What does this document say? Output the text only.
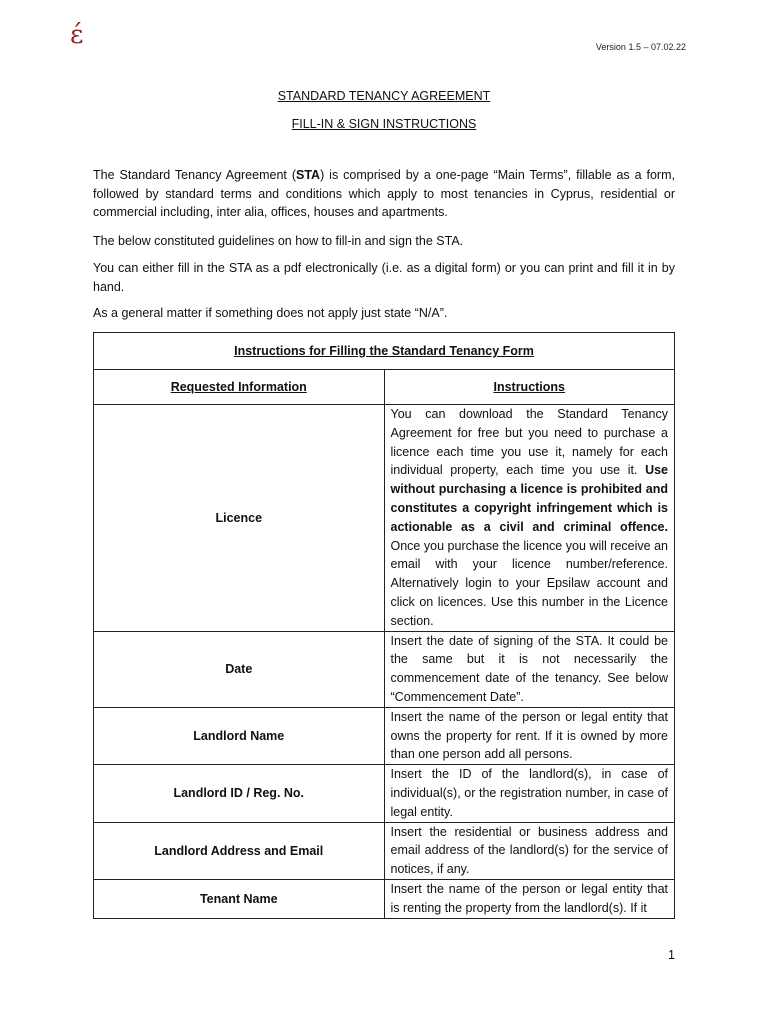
έ	Version 1.5 – 07.02.22
STANDARD TENANCY AGREEMENT
FILL-IN & SIGN INSTRUCTIONS
The Standard Tenancy Agreement (STA) is comprised by a one-page “Main Terms”, fillable as a form, followed by standard terms and conditions which apply to most tenancies in Cyprus, residential or commercial including, inter alia, offices, houses and apartments.
The below constituted guidelines on how to fill-in and sign the STA.
You can either fill in the STA as a pdf electronically (i.e. as a digital form) or you can print and fill it in by hand.
As a general matter if something does not apply just state “N/A”.
Instructions for Filling the Standard Tenancy Form	
Requested Information	Instructions
Licence	You can download the Standard Tenancy Agreement for free but you need to purchase a licence each time you use it, namely for each individual property, each time you use it. Use without purchasing a licence is prohibited and constitutes a copyright infringement which is actionable as a civil and criminal offence. Once you purchase the licence you will receive an email with your licence number/reference. Alternatively login to your Epsilaw account and click on licences. Use this number in the Licence section.
Date	Insert the date of signing of the STA. It could be the same but it is not necessarily the commencement date of the tenancy. See below “Commencement Date”.
Landlord Name	Insert the name of the person or legal entity that owns the property for rent. If it is owned by more than one person add all persons.
Landlord ID / Reg. No.	Insert the ID of the landlord(s), in case of individual(s), or the registration number, in case of legal entity.
Landlord Address and Email	Insert the residential or business address and email address of the landlord(s) for the service of notices, if any.
Tenant Name	Insert the name of the person or legal entity that is renting the property from the landlord(s). If it
1
